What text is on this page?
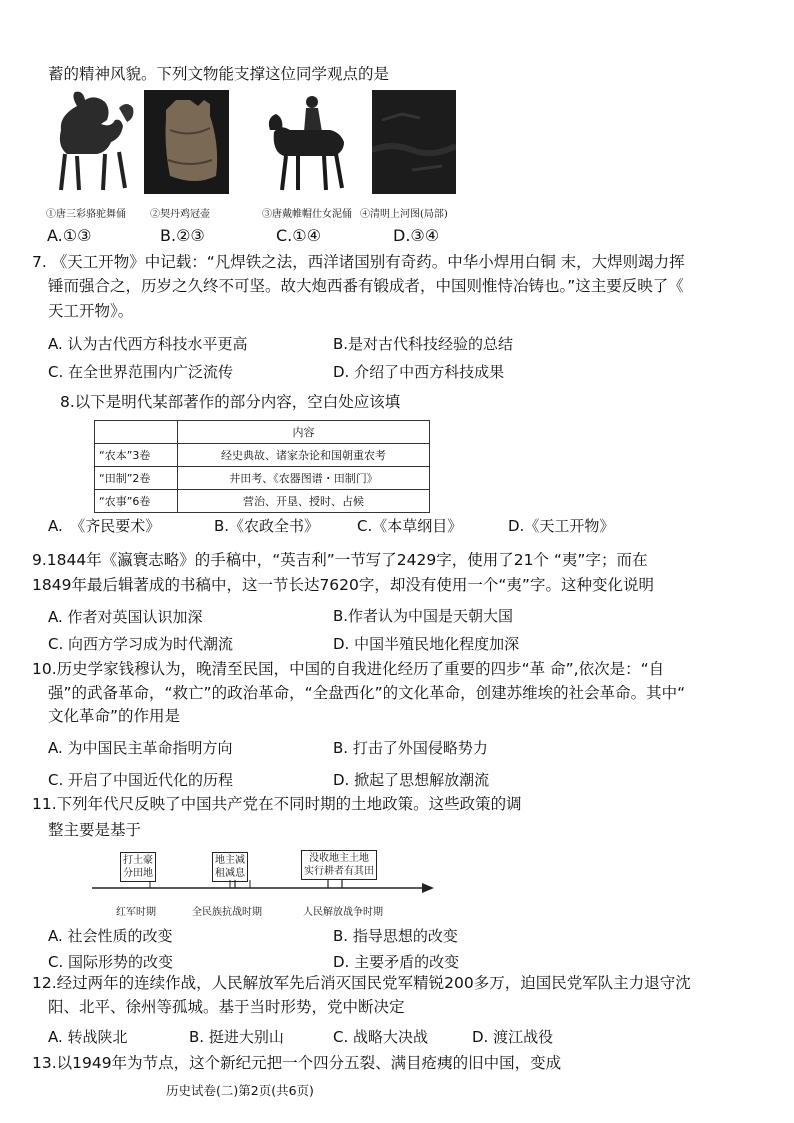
蓄的精神风貌。下列文物能支撑这位同学观点的是
①唐三彩骆驼舞俑 ②契丹鸡冠壶	③唐戴帷帽仕女泥俑 ④清明上河图(局部)
A.①③	B.②③	C.①④	D.③④
7. 《天工开物》中记载：“凡焊铁之法，西洋诸国别有奇药。中华小焊用白铜 末，大焊则竭力挥
锤而强合之，历岁之久终不可坚。故大炮西番有锻成者，中国则惟恃冶铸也。”这主要反映了《
天工开物》。
A. 认为古代西方科技水平更高	B.是对古代科技经验的总结
C. 在全世界范围内广泛流传	D. 介绍了中西方科技成果
8.以下是明代某部著作的部分内容，空白处应该填
	内容
“农本”3卷	经史典故、诸家杂论和国朝重农考
“田制”2卷	井田考、《农器图谱・田制门》
“农事”6卷	营治、开垦、授时、占候
A.　《齐民要术》	B.《农政全书》	C.《本草纲目》	D.《天工开物》
9.1844年《瀛寰志略》的手稿中，“英吉利”一节写了2429字，使用了21个 “夷”字；而在
1849年最后辑著成的书稿中，这一节长达7620字，却没有使用一个“夷”字。这种变化说明
A. 作者对英国认识加深	B.作者认为中国是天朝大国
C. 向西方学习成为时代潮流	D. 中国半殖民地化程度加深
10.历史学家钱穆认为，晚清至民国，中国的自我进化经历了重要的四步“革 命”,依次是：“自
强”的武备革命，“救亡”的政治革命，“全盘西化”的文化革命，创建苏维埃的社会革命。其中“
文化革命”的作用是
A. 为中国民主革命指明方向	B. 打击了外国侵略势力
C. 开启了中国近代化的历程	D. 掀起了思想解放潮流
11.下列年代尺反映了中国共产党在不同时期的土地政策。这些政策的调
整主要是基于
打土豪
分田地
地主减
租减息
没收地主土地
实行耕者有其田
红军时期	全民族抗战时期	人民解放战争时期
A. 社会性质的改变	B. 指导思想的改变
C. 国际形势的改变	D. 主要矛盾的改变
12.经过两年的连续作战，人民解放军先后消灭国民党军精锐200多万，迫国民党军队主力退守沈
阳、北平、徐州等孤城。基于当时形势，党中断决定
A. 转战陕北	B. 挺进大别山	C. 战略大决战	D. 渡江战役
13.以1949年为节点，这个新纪元把一个四分五裂、满目疮痍的旧中国，变成
历史试卷(二)第2页(共6页)
